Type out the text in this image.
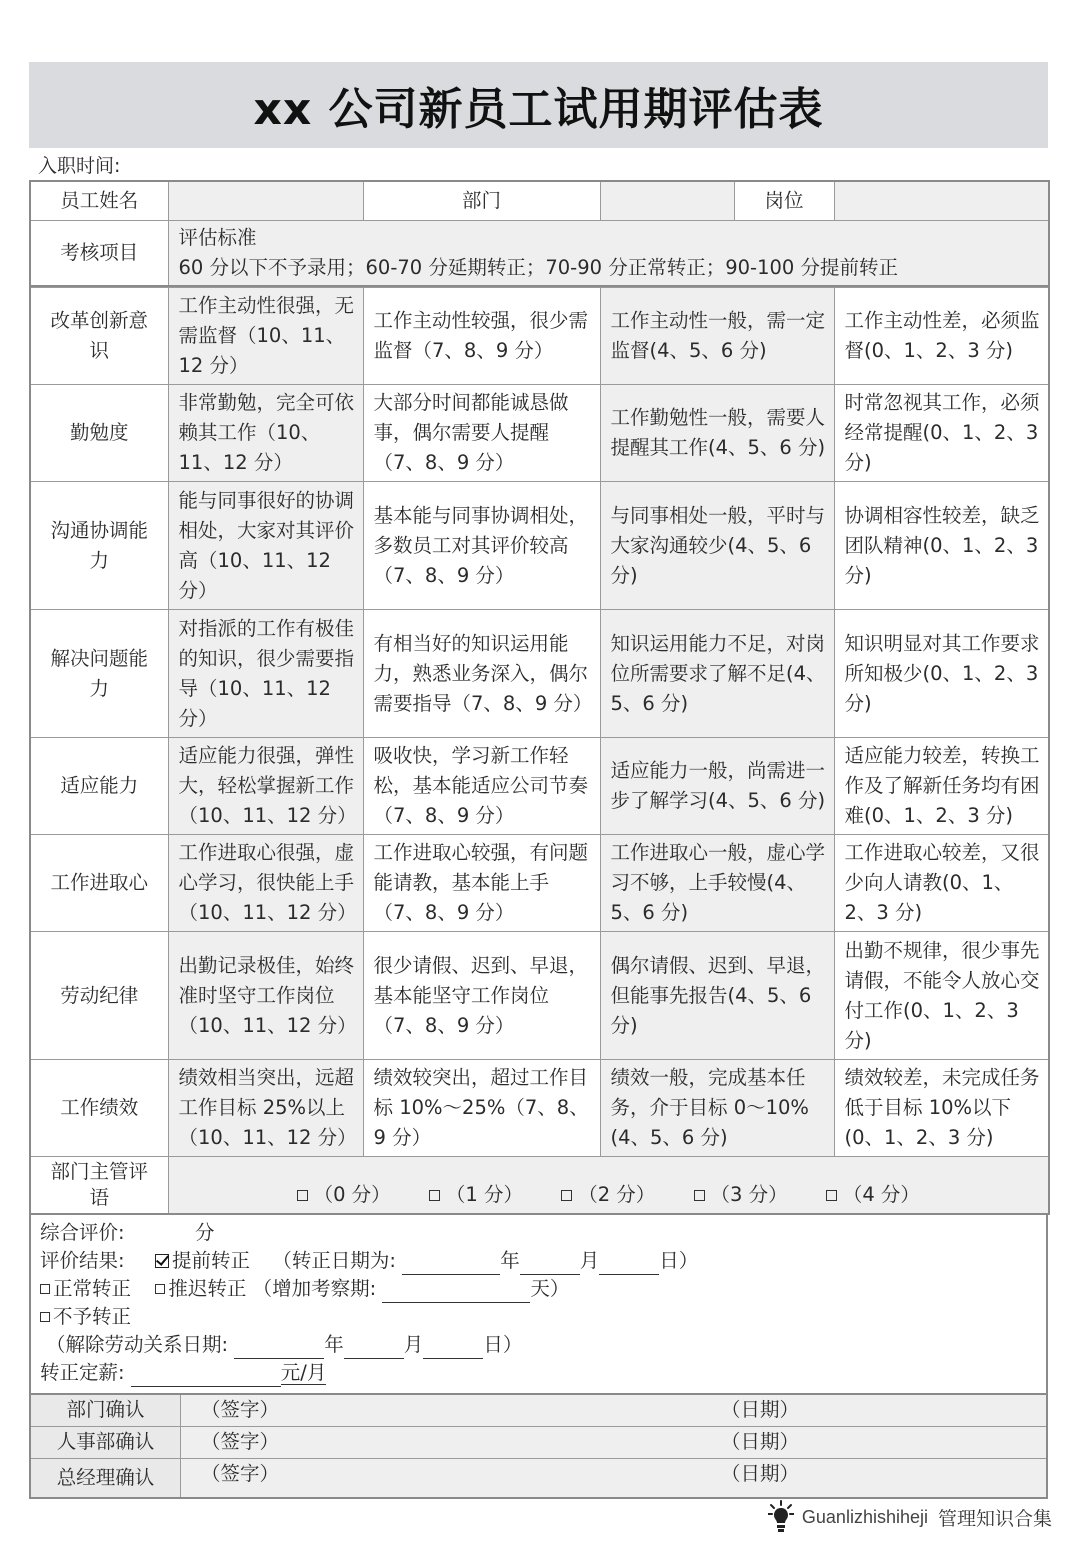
xx 公司新员工试用期评估表
入职时间:
员工姓名		部门		岗位	
考核项目	评估标准
60 分以下不予录用；60-70 分延期转正；70-90 分正常转正；90-100 分提前转正				
改革创新意识	工作主动性很强，无需监督（10、11、12 分）	工作主动性较强，很少需监督（7、8、9 分）	工作主动性一般，需一定监督(4、5、6 分)	工作主动性差，必须监督(0、1、2、3 分)
勤勉度	非常勤勉，完全可依赖其工作（10、11、12 分）	大部分时间都能诚恳做事，偶尔需要人提醒（7、8、9 分）	工作勤勉性一般，需要人提醒其工作(4、5、6 分)	时常忽视其工作，必须经常提醒(0、1、2、3 分)
沟通协调能力	能与同事很好的协调相处，大家对其评价高（10、11、12 分）	基本能与同事协调相处，多数员工对其评价较高（7、8、9 分）	与同事相处一般，平时与大家沟通较少(4、5、6 分)	协调相容性较差，缺乏团队精神(0、1、2、3 分)
解决问题能力	对指派的工作有极佳的知识，很少需要指导（10、11、12 分）	有相当好的知识运用能力，熟悉业务深入，偶尔需要指导（7、8、9 分）	知识运用能力不足，对岗位所需要求了解不足(4、5、6 分)	知识明显对其工作要求所知极少(0、1、2、3 分)
适应能力	适应能力很强，弹性大，轻松掌握新工作（10、11、12 分）	吸收快，学习新工作轻松，基本能适应公司节奏（7、8、9 分）	适应能力一般，尚需进一步了解学习(4、5、6 分)	适应能力较差，转换工作及了解新任务均有困难(0、1、2、3 分)
工作进取心	工作进取心很强，虚心学习，很快能上手（10、11、12 分）	工作进取心较强，有问题能请教，基本能上手（7、8、9 分）	工作进取心一般，虚心学习不够，上手较慢(4、5、6 分)	工作进取心较差，又很少向人请教(0、1、2、3 分)
劳动纪律	出勤记录极佳，始终准时坚守工作岗位（10、11、12 分）	很少请假、迟到、早退，基本能坚守工作岗位（7、8、9 分）	偶尔请假、迟到、早退，但能事先报告(4、5、6 分)	出勤不规律，很少事先请假，不能令人放心交付工作(0、1、2、3 分)
工作绩效	绩效相当突出，远超工作目标 25%以上（10、11、12 分）	绩效较突出，超过工作目标 10%～25%（7、8、9 分）	绩效一般，完成基本任务，介于目标 0～10%(4、5、6 分)	绩效较差，未完成任务低于目标 10%以下(0、1、2、3 分)
部门主管评语	（0 分） （1 分） （2 分） （3 分） （4 分）			
综合评价:	分
评价结果: 提前转正 （转正日期为:	年	月	日）
正常转正 推迟转正 （增加考察期:	天）
不予转正
（解除劳动关系日期:	年	月	日）
转正定薪:	元/月
部门确认	（签字） （日期）

人事部确认	（签字） （日期）

总经理确认	（签字） （日期）
Guanlizhishiheji 管理知识合集
